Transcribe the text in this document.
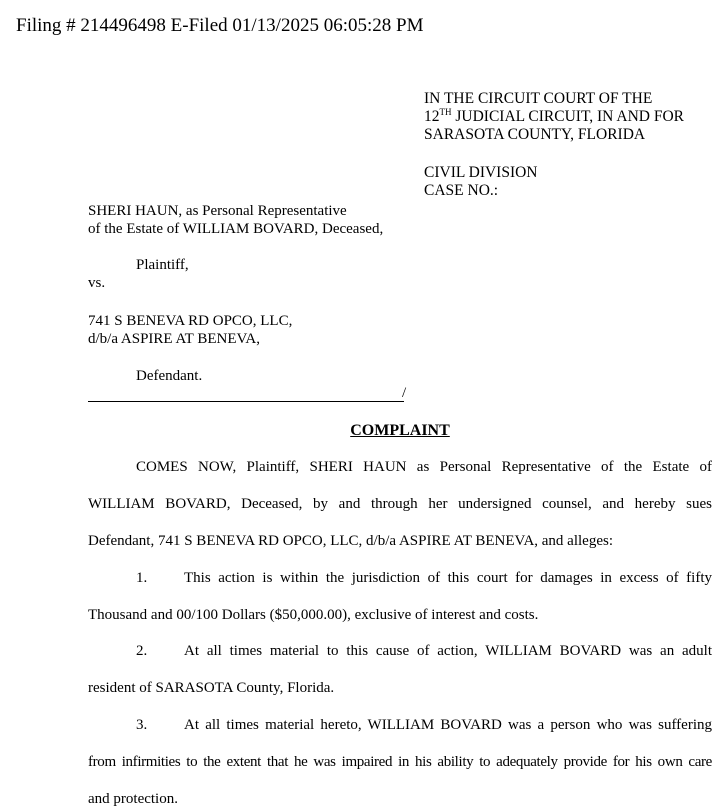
Filing # 214496498 E-Filed 01/13/2025 06:05:28 PM
IN THE CIRCUIT COURT OF THE
12TH JUDICIAL CIRCUIT, IN AND FOR
SARASOTA COUNTY, FLORIDA
CIVIL DIVISION
CASE NO.:
SHERI HAUN, as Personal Representative
of the Estate of WILLIAM BOVARD, Deceased,
Plaintiff,
vs.
741 S BENEVA RD OPCO, LLC,
d/b/a ASPIRE AT BENEVA,
Defendant.
/
COMPLAINT
COMES NOW, Plaintiff, SHERI HAUN as Personal Representative of the Estate of
WILLIAM BOVARD, Deceased, by and through her undersigned counsel, and hereby sues
Defendant, 741 S BENEVA RD OPCO, LLC, d/b/a ASPIRE AT BENEVA, and alleges:
1. This action is within the jurisdiction of this court for damages in excess of fifty
Thousand and 00/100 Dollars ($50,000.00), exclusive of interest and costs.
2. At all times material to this cause of action, WILLIAM BOVARD was an adult
resident of SARASOTA County, Florida.
3. At all times material hereto, WILLIAM BOVARD was a person who was suffering
from infirmities to the extent that he was impaired in his ability to adequately provide for his own care
and protection.
